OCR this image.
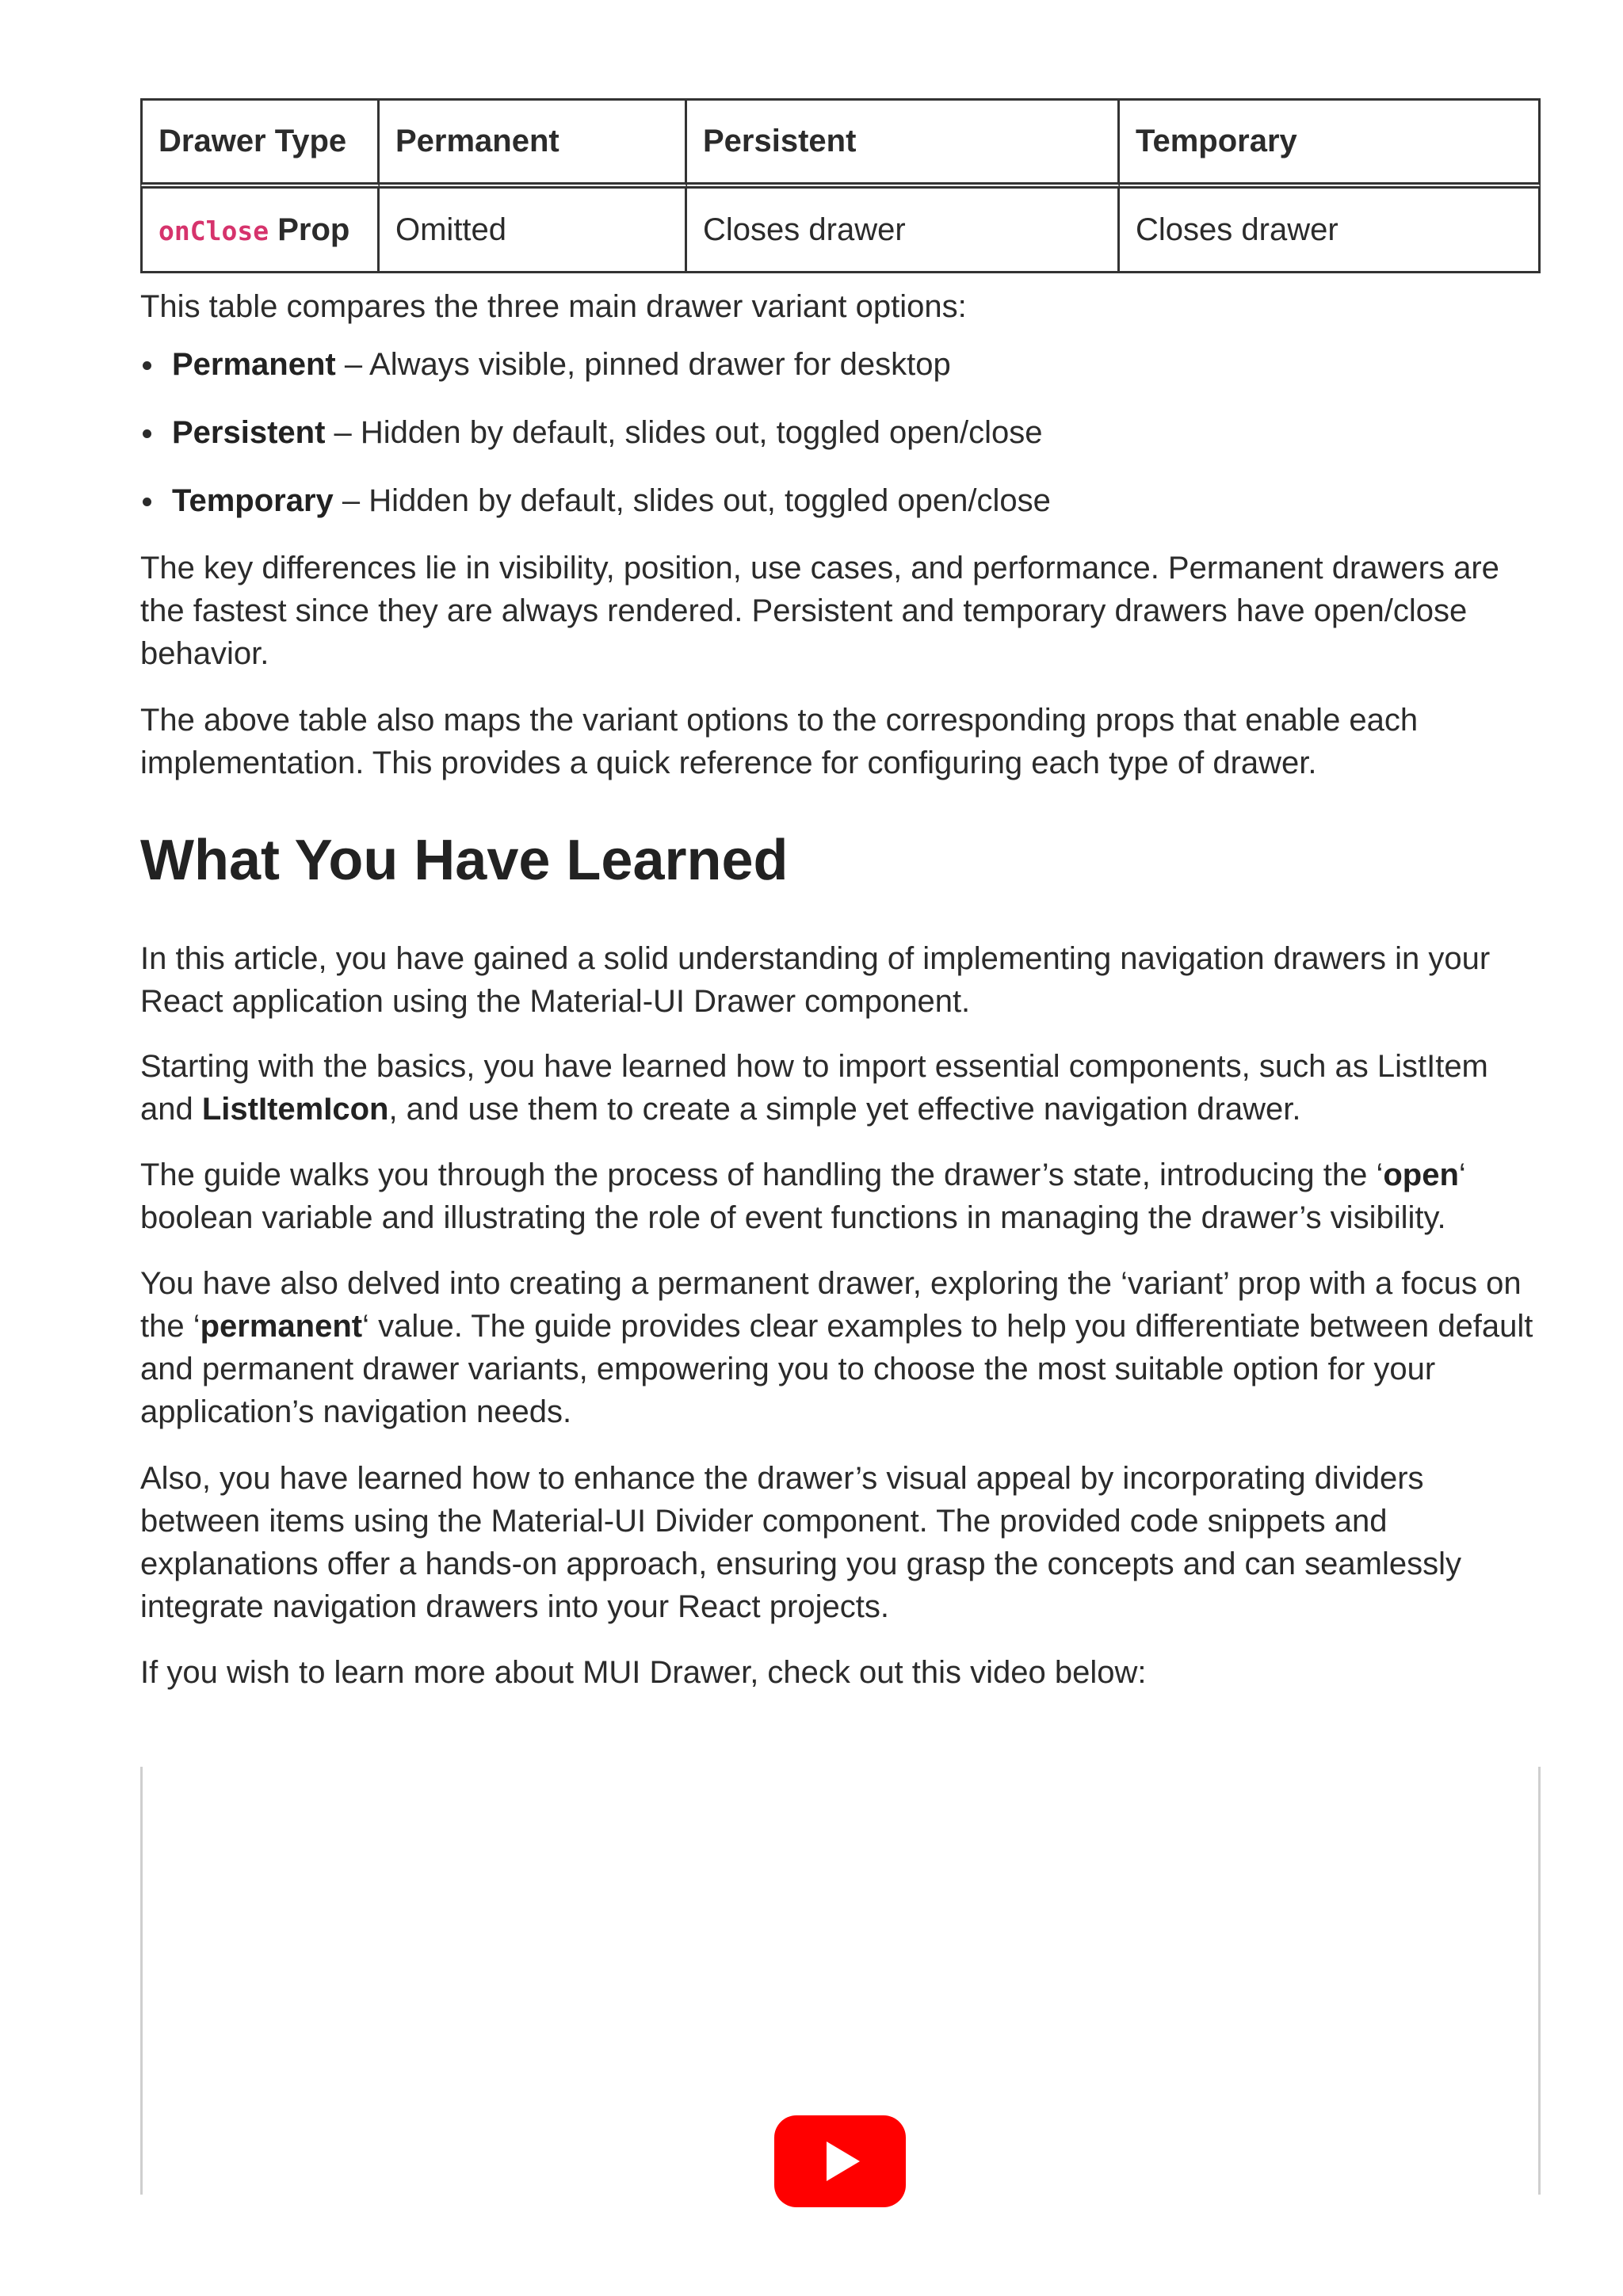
Drawer Type	Permanent	Persistent	Temporary
onClose Prop	Omitted	Closes drawer	Closes drawer

This table compares the three main drawer variant options:

Permanent – Always visible, pinned drawer for desktop
Persistent – Hidden by default, slides out, toggled open/close
Temporary – Hidden by default, slides out, toggled open/close

The key differences lie in visibility, position, use cases, and performance. Permanent drawers are the fastest since they are always rendered. Persistent and temporary drawers have open/close behavior.

The above table also maps the variant options to the corresponding props that enable each implementation. This provides a quick reference for configuring each type of drawer.

What You Have Learned

In this article, you have gained a solid understanding of implementing navigation drawers in your React application using the Material-UI Drawer component.

Starting with the basics, you have learned how to import essential components, such as ListItem and ListItemIcon, and use them to create a simple yet effective navigation drawer.

The guide walks you through the process of handling the drawer’s state, introducing the ‘open‘ boolean variable and illustrating the role of event functions in managing the drawer’s visibility.

You have also delved into creating a permanent drawer, exploring the ‘variant’ prop with a focus on the ‘permanent‘ value. The guide provides clear examples to help you differentiate between default and permanent drawer variants, empowering you to choose the most suitable option for your application’s navigation needs.

Also, you have learned how to enhance the drawer’s visual appeal by incorporating dividers between items using the Material-UI Divider component. The provided code snippets and explanations offer a hands-on approach, ensuring you grasp the concepts and can seamlessly integrate navigation drawers into your React projects.

If you wish to learn more about MUI Drawer, check out this video below:
